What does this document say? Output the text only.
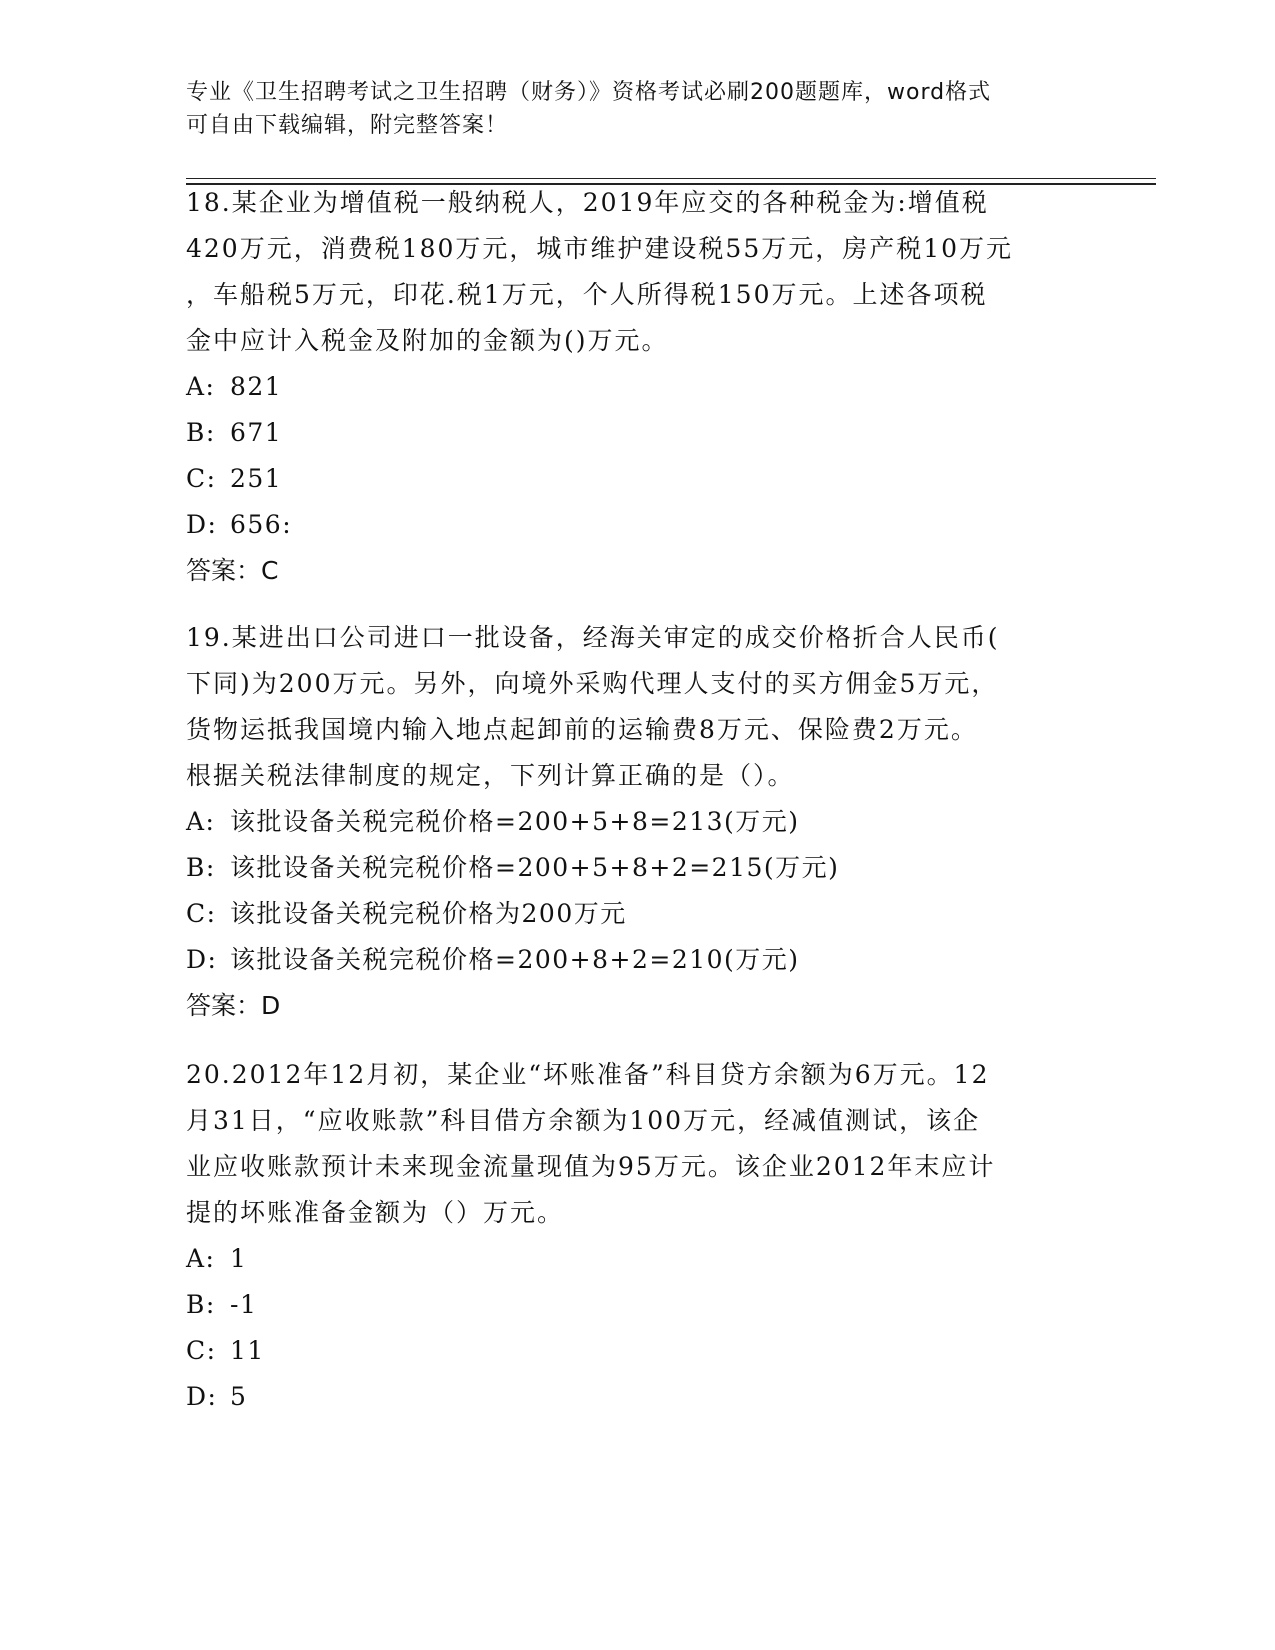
专业《卫生招聘考试之卫生招聘（财务）》资格考试必刷200题题库，word格式
可自由下载编辑，附完整答案！
18.某企业为增值税一般纳税人，2019年应交的各种税金为:增值税
420万元，消费税180万元，城市维护建设税55万元，房产税10万元
，车船税5万元，印花.税1万元，个人所得税150万元。上述各项税
金中应计入税金及附加的金额为()万元。
A: 821
B: 671
C: 251
D: 656:
答案：C
19.某进出口公司进口一批设备，经海关审定的成交价格折合人民币(
下同)为200万元。另外，向境外采购代理人支付的买方佣金5万元，
货物运抵我国境内输入地点起卸前的运输费8万元、保险费2万元。
根据关税法律制度的规定，下列计算正确的是（）。
A: 该批设备关税完税价格=200+5+8=213(万元)
B: 该批设备关税完税价格=200+5+8+2=215(万元)
C: 该批设备关税完税价格为200万元
D: 该批设备关税完税价格=200+8+2=210(万元)
答案：D
20.2012年12月初，某企业“坏账准备”科目贷方余额为6万元。12
月31日，“应收账款”科目借方余额为100万元，经减值测试，该企
业应收账款预计未来现金流量现值为95万元。该企业2012年末应计
提的坏账准备金额为（）万元。
A: 1
B: -1
C: 11
D: 5
